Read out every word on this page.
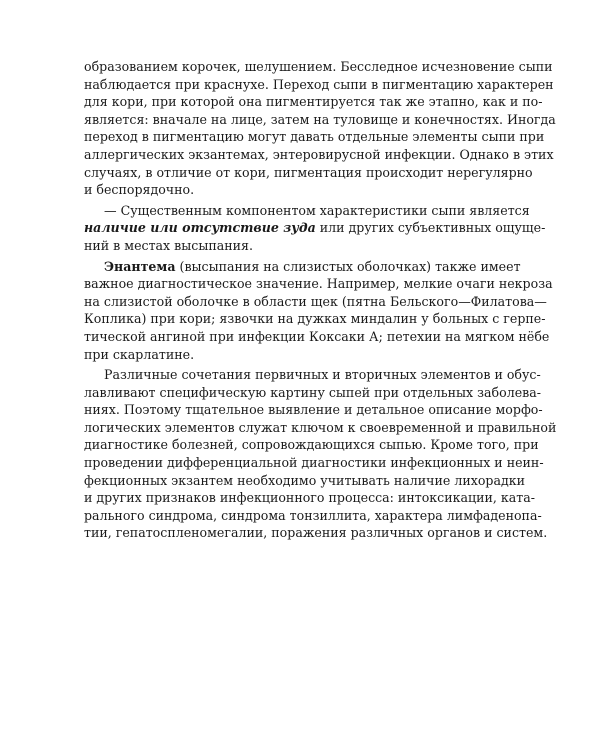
образованием корочек, шелушением. Бесследное исчезновение сыпи
наблюдается при краснухе. Переход сыпи в пигментацию характерен
для кори, при которой она пигментируется так же этапно, как и по-
является: вначале на лице, затем на туловище и конечностях. Иногда
переход в пигментацию могут давать отдельные элементы сыпи при
аллергических экзантемах, энтеровирусной инфекции. Однако в этих
случаях, в отличие от кори, пигментация происходит нерегулярно
и беспорядочно.
— Существенным компонентом характеристики сыпи является
наличие или отсутствие зуда или других субъективных ощуще-
ний в местах высыпания.
Энантема (высыпания на слизистых оболочках) также имеет
важное диагностическое значение. Например, мелкие очаги некроза
на слизистой оболочке в области щек (пятна Бельского—Филатова—
Коплика) при кори; язвочки на дужках миндалин у больных с герпе-
тической ангиной при инфекции Коксаки А; петехии на мягком нёбе
при скарлатине.
Различные сочетания первичных и вторичных элементов и обус-
лавливают специфическую картину сыпей при отдельных заболева-
ниях. Поэтому тщательное выявление и детальное описание морфо-
логических элементов служат ключом к своевременной и правильной
диагностике болезней, сопровождающихся сыпью. Кроме того, при
проведении дифференциальной диагностики инфекционных и неин-
фекционных экзантем необходимо учитывать наличие лихорадки
и других признаков инфекционного процесса: интоксикации, ката-
рального синдрома, синдрома тонзиллита, характера лимфаденопа-
тии, гепатоспленомегалии, поражения различных органов и систем.
